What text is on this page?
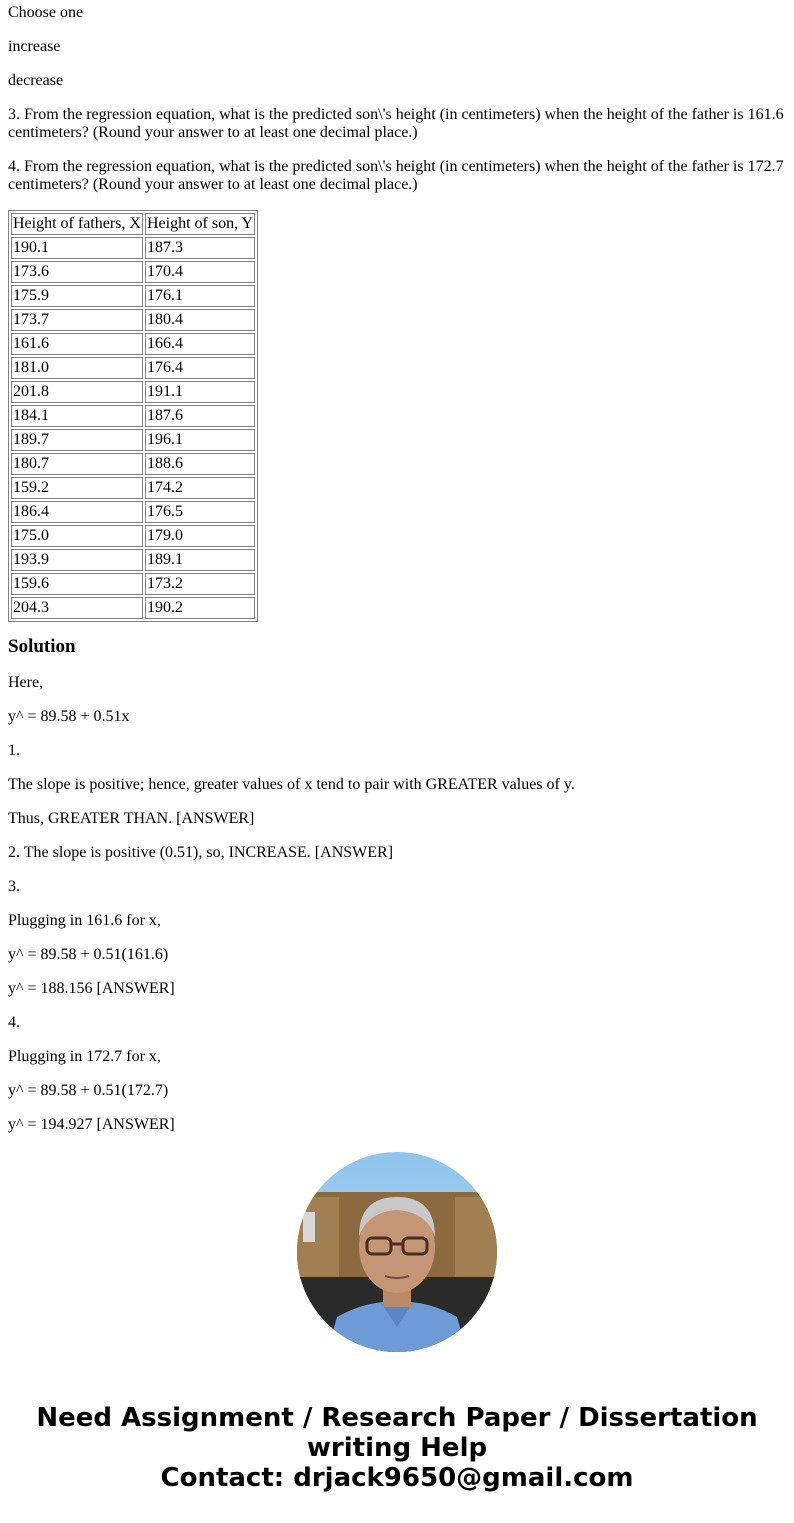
Choose one

increase

decrease

3. From the regression equation, what is the predicted son\'s height (in centimeters) when the height of the father is 161.6 centimeters? (Round your answer to at least one decimal place.)

4. From the regression equation, what is the predicted son\'s height (in centimeters) when the height of the father is 172.7 centimeters? (Round your answer to at least one decimal place.)

Height of fathers, X	Height of son, Y
190.1	187.3
173.6	170.4
175.9	176.1
173.7	180.4
161.6	166.4
181.0	176.4
201.8	191.1
184.1	187.6
189.7	196.1
180.7	188.6
159.2	174.2
186.4	176.5
175.0	179.0
193.9	189.1
159.6	173.2
204.3	190.2
Solution

Here,

y^ = 89.58 + 0.51x

1.

The slope is positive; hence, greater values of x tend to pair with GREATER values of y.

Thus, GREATER THAN. [ANSWER]

2. The slope is positive (0.51), so, INCREASE. [ANSWER]

3.

Plugging in 161.6 for x,

y^ = 89.58 + 0.51(161.6)

y^ = 188.156 [ANSWER]

4.

Plugging in 172.7 for x,

y^ = 89.58 + 0.51(172.7)

y^ = 194.927 [ANSWER]

Need Assignment / Research Paper / Dissertation writing Help
Contact: drjack9650@gmail.com
